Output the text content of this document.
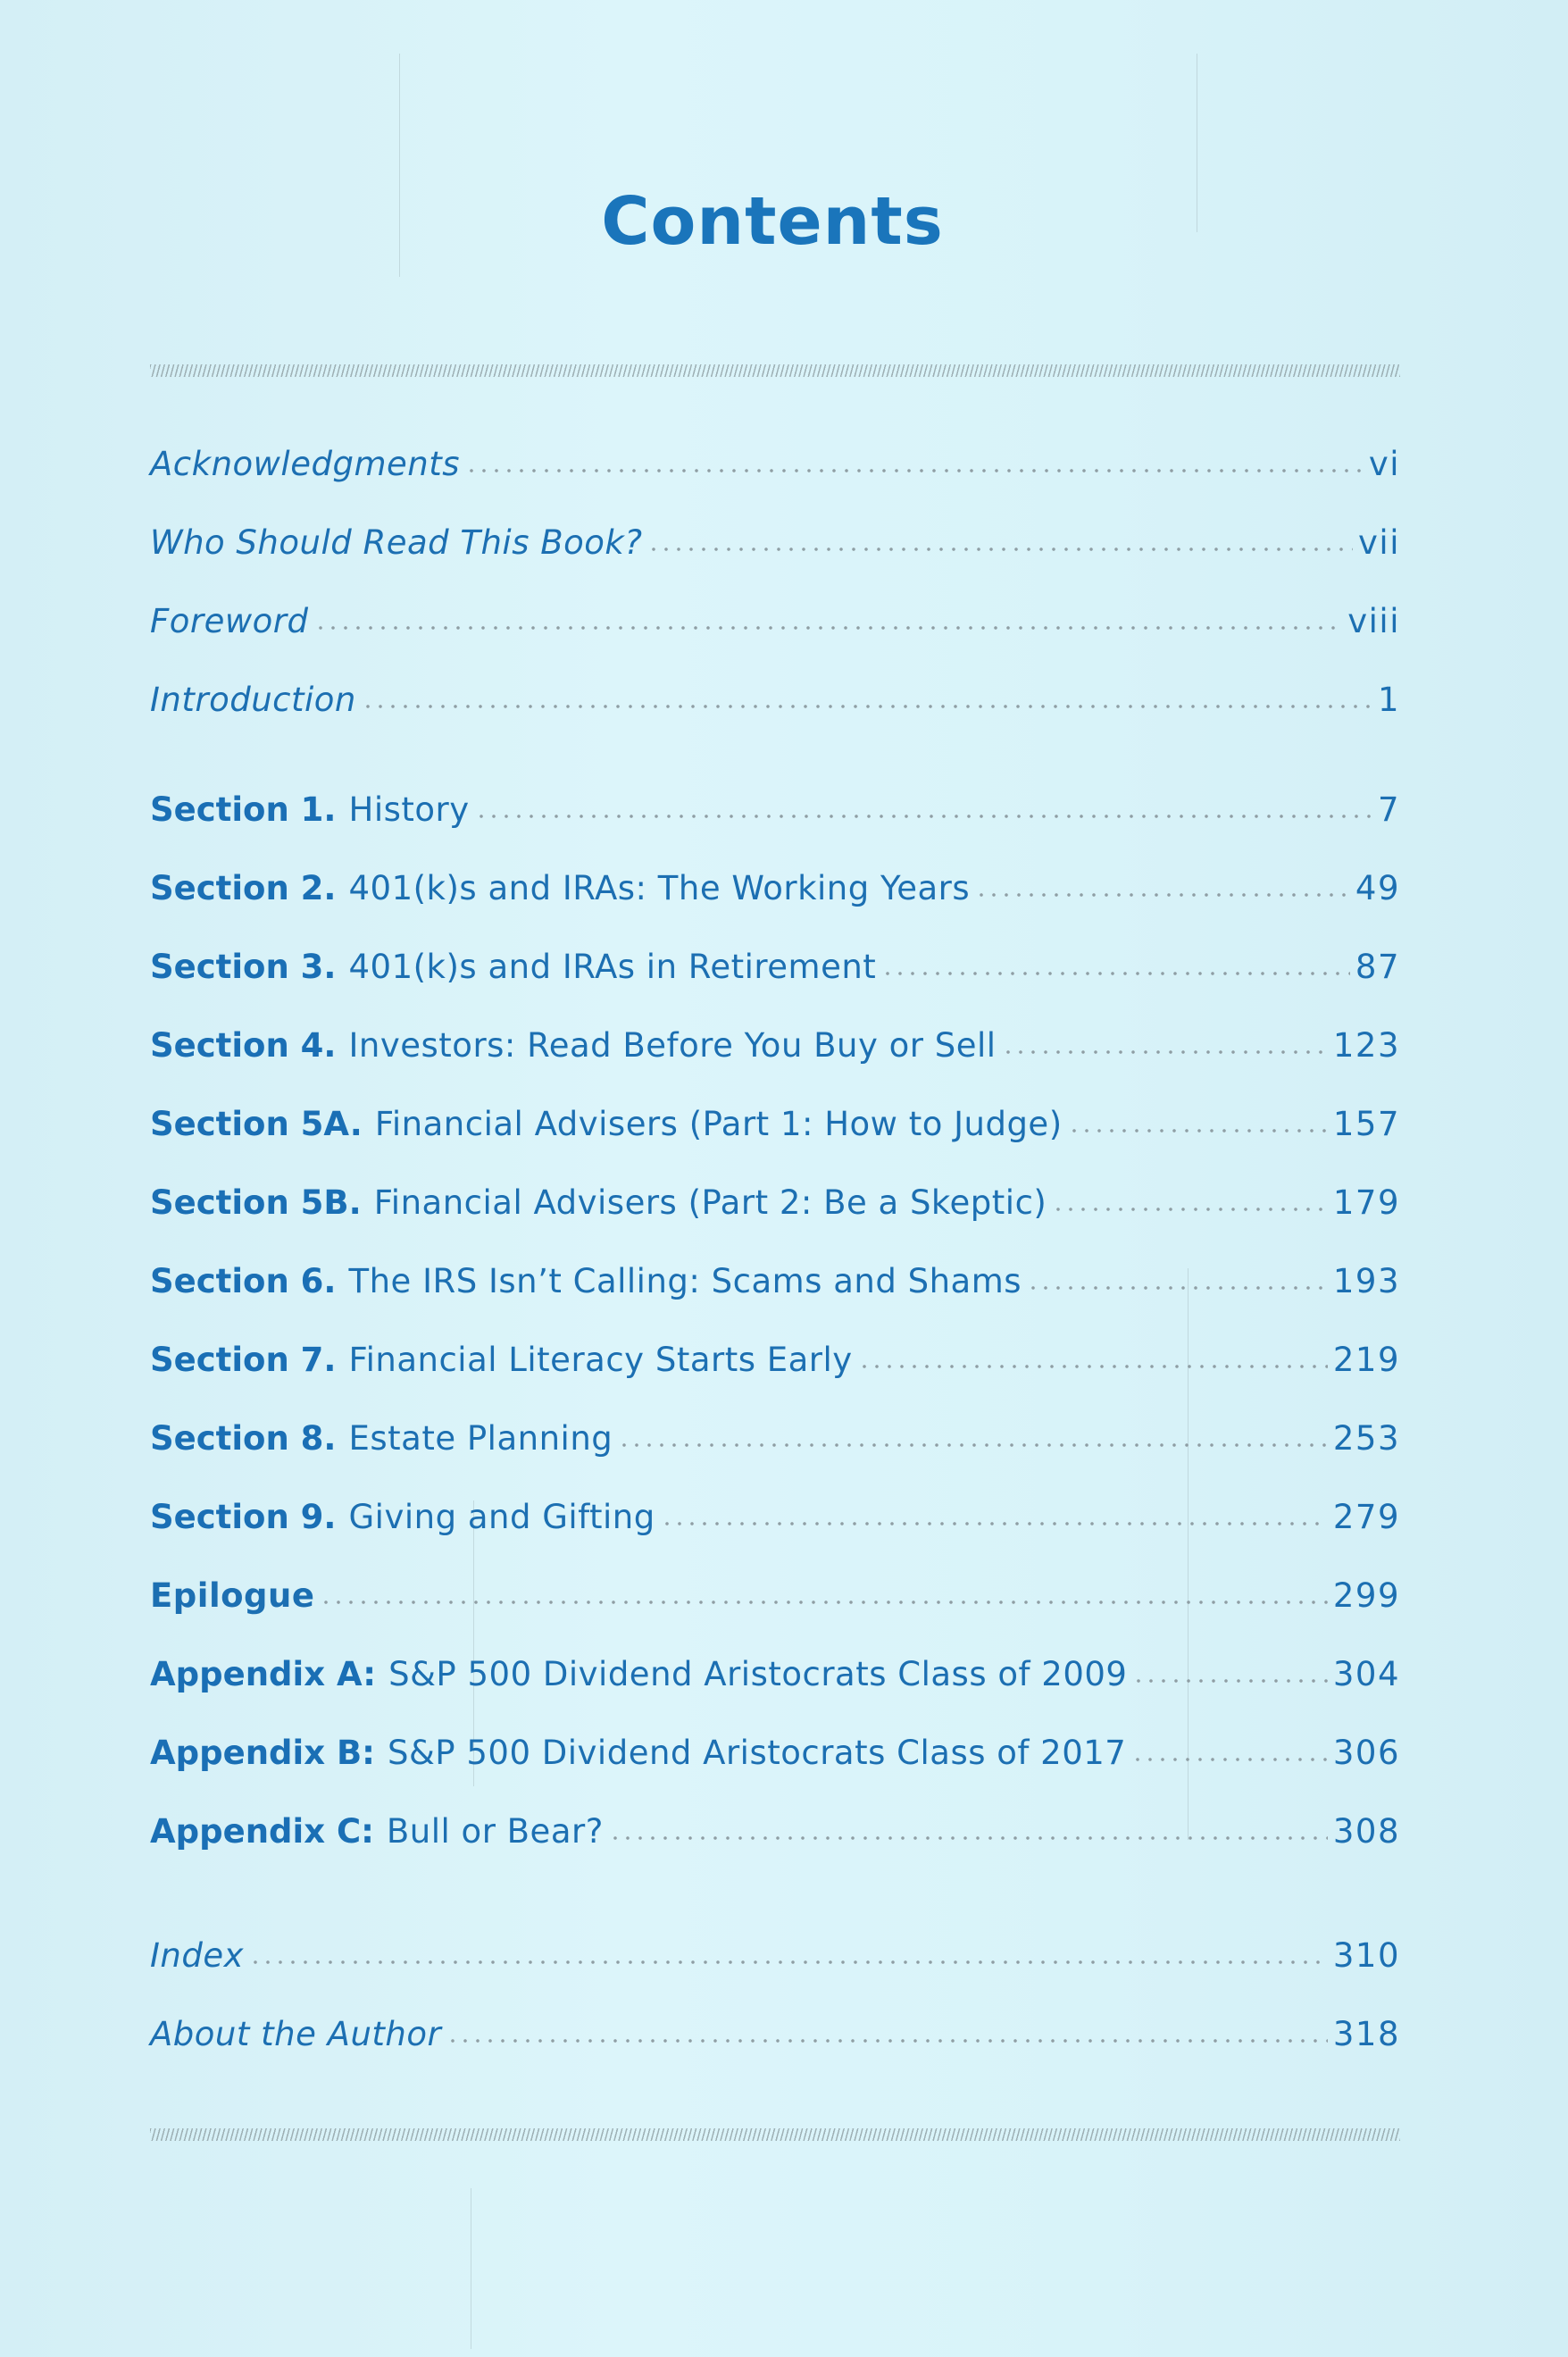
Contents
Acknowledgments	vi
Who Should Read This Book?	vii
Foreword	viii
Introduction	1
Section 1. History	7
Section 2. 401(k)s and IRAs: The Working Years	49
Section 3. 401(k)s and IRAs in Retirement	87
Section 4. Investors: Read Before You Buy or Sell	123
Section 5A. Financial Advisers (Part 1: How to Judge)	157
Section 5B. Financial Advisers (Part 2: Be a Skeptic)	179
Section 6. The IRS Isn’t Calling: Scams and Shams	193
Section 7. Financial Literacy Starts Early	219
Section 8. Estate Planning	253
Section 9. Giving and Gifting	279
Epilogue	299
Appendix A: S&P 500 Dividend Aristocrats Class of 2009	304
Appendix B: S&P 500 Dividend Aristocrats Class of 2017	306
Appendix C: Bull or Bear?	308
Index	310
About the Author	318
